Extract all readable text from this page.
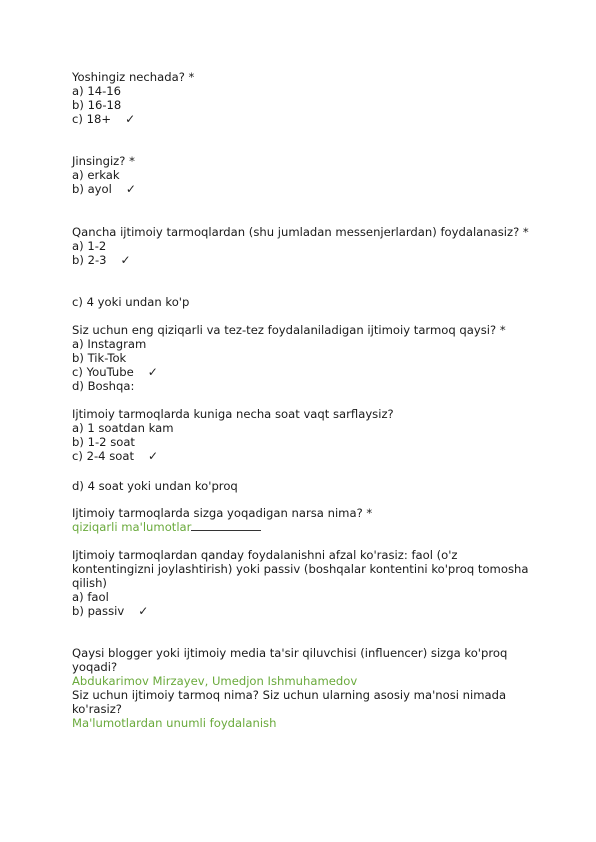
Yoshingiz nechada? *
a) 14-16
b) 16-18
c) 18+ ✓
Jinsingiz? *
a) erkak
b) ayol ✓
Qancha ijtimoiy tarmoqlardan (shu jumladan messenjerlardan) foydalanasiz? *
a) 1-2
b) 2-3 ✓
c) 4 yoki undan ko'p
Siz uchun eng qiziqarli va tez-tez foydalaniladigan ijtimoiy tarmoq qaysi? *
a) Instagram
b) Tik-Tok
c) YouTube ✓
d) Boshqa:
Ijtimoiy tarmoqlarda kuniga necha soat vaqt sarflaysiz?
a) 1 soatdan kam
b) 1-2 soat
c) 2-4 soat ✓
d) 4 soat yoki undan ko'proq
Ijtimoiy tarmoqlarda sizga yoqadigan narsa nima? *
qiziqarli ma'lumotlar
Ijtimoiy tarmoqlardan qanday foydalanishni afzal ko'rasiz: faol (o'z kontentingizni joylashtirish) yoki passiv (boshqalar kontentini ko'proq tomosha qilish)
a) faol
b) passiv ✓
Qaysi blogger yoki ijtimoiy media ta'sir qiluvchisi (influencer) sizga ko'proq yoqadi?
Abdukarimov Mirzayev, Umedjon Ishmuhamedov
Siz uchun ijtimoiy tarmoq nima? Siz uchun ularning asosiy ma'nosi nimada ko'rasiz?
Ma'lumotlardan unumli foydalanish
